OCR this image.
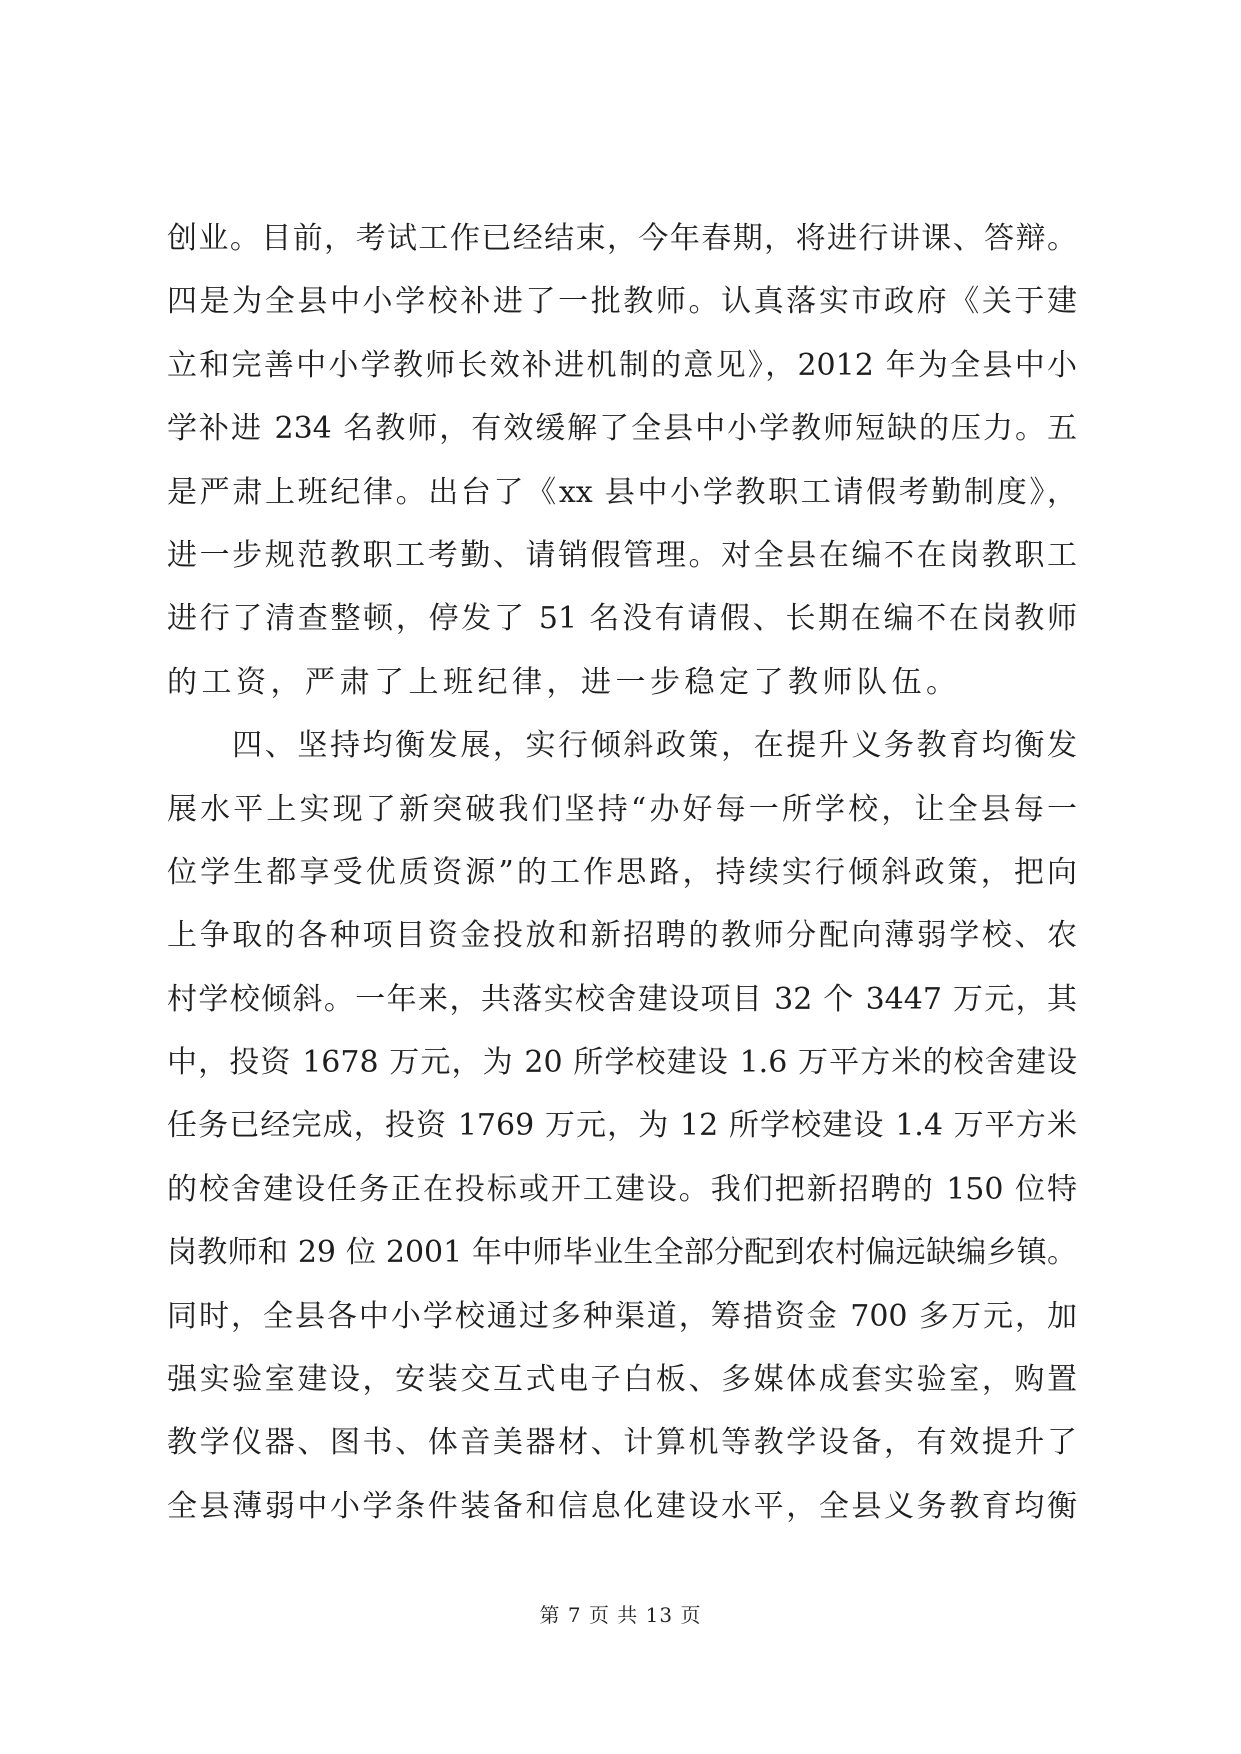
创业。目前，考试工作已经结束，今年春期，将进行讲课、答辩。
四是为全县中小学校补进了一批教师。认真落实市政府《关于建
立和完善中小学教师长效补进机制的意见》，2012 年为全县中小
学补进 234 名教师，有效缓解了全县中小学教师短缺的压力。五
是严肃上班纪律。出台了《xx 县中小学教职工请假考勤制度》，
进一步规范教职工考勤、请销假管理。对全县在编不在岗教职工
进行了清查整顿，停发了 51 名没有请假、长期在编不在岗教师
的工资，严肃了上班纪律，进一步稳定了教师队伍。
　　四、坚持均衡发展，实行倾斜政策，在提升义务教育均衡发
展水平上实现了新突破我们坚持“办好每一所学校，让全县每一
位学生都享受优质资源”的工作思路，持续实行倾斜政策，把向
上争取的各种项目资金投放和新招聘的教师分配向薄弱学校、农
村学校倾斜。一年来，共落实校舍建设项目 32 个 3447 万元，其
中，投资 1678 万元，为 20 所学校建设 1.6 万平方米的校舍建设
任务已经完成，投资 1769 万元，为 12 所学校建设 1.4 万平方米
的校舍建设任务正在投标或开工建设。我们把新招聘的 150 位特
岗教师和 29 位 2001 年中师毕业生全部分配到农村偏远缺编乡镇。
同时，全县各中小学校通过多种渠道，筹措资金 700 多万元，加
强实验室建设，安装交互式电子白板、多媒体成套实验室，购置
教学仪器、图书、体音美器材、计算机等教学设备，有效提升了
全县薄弱中小学条件装备和信息化建设水平，全县义务教育均衡
第 7 页 共 13 页
